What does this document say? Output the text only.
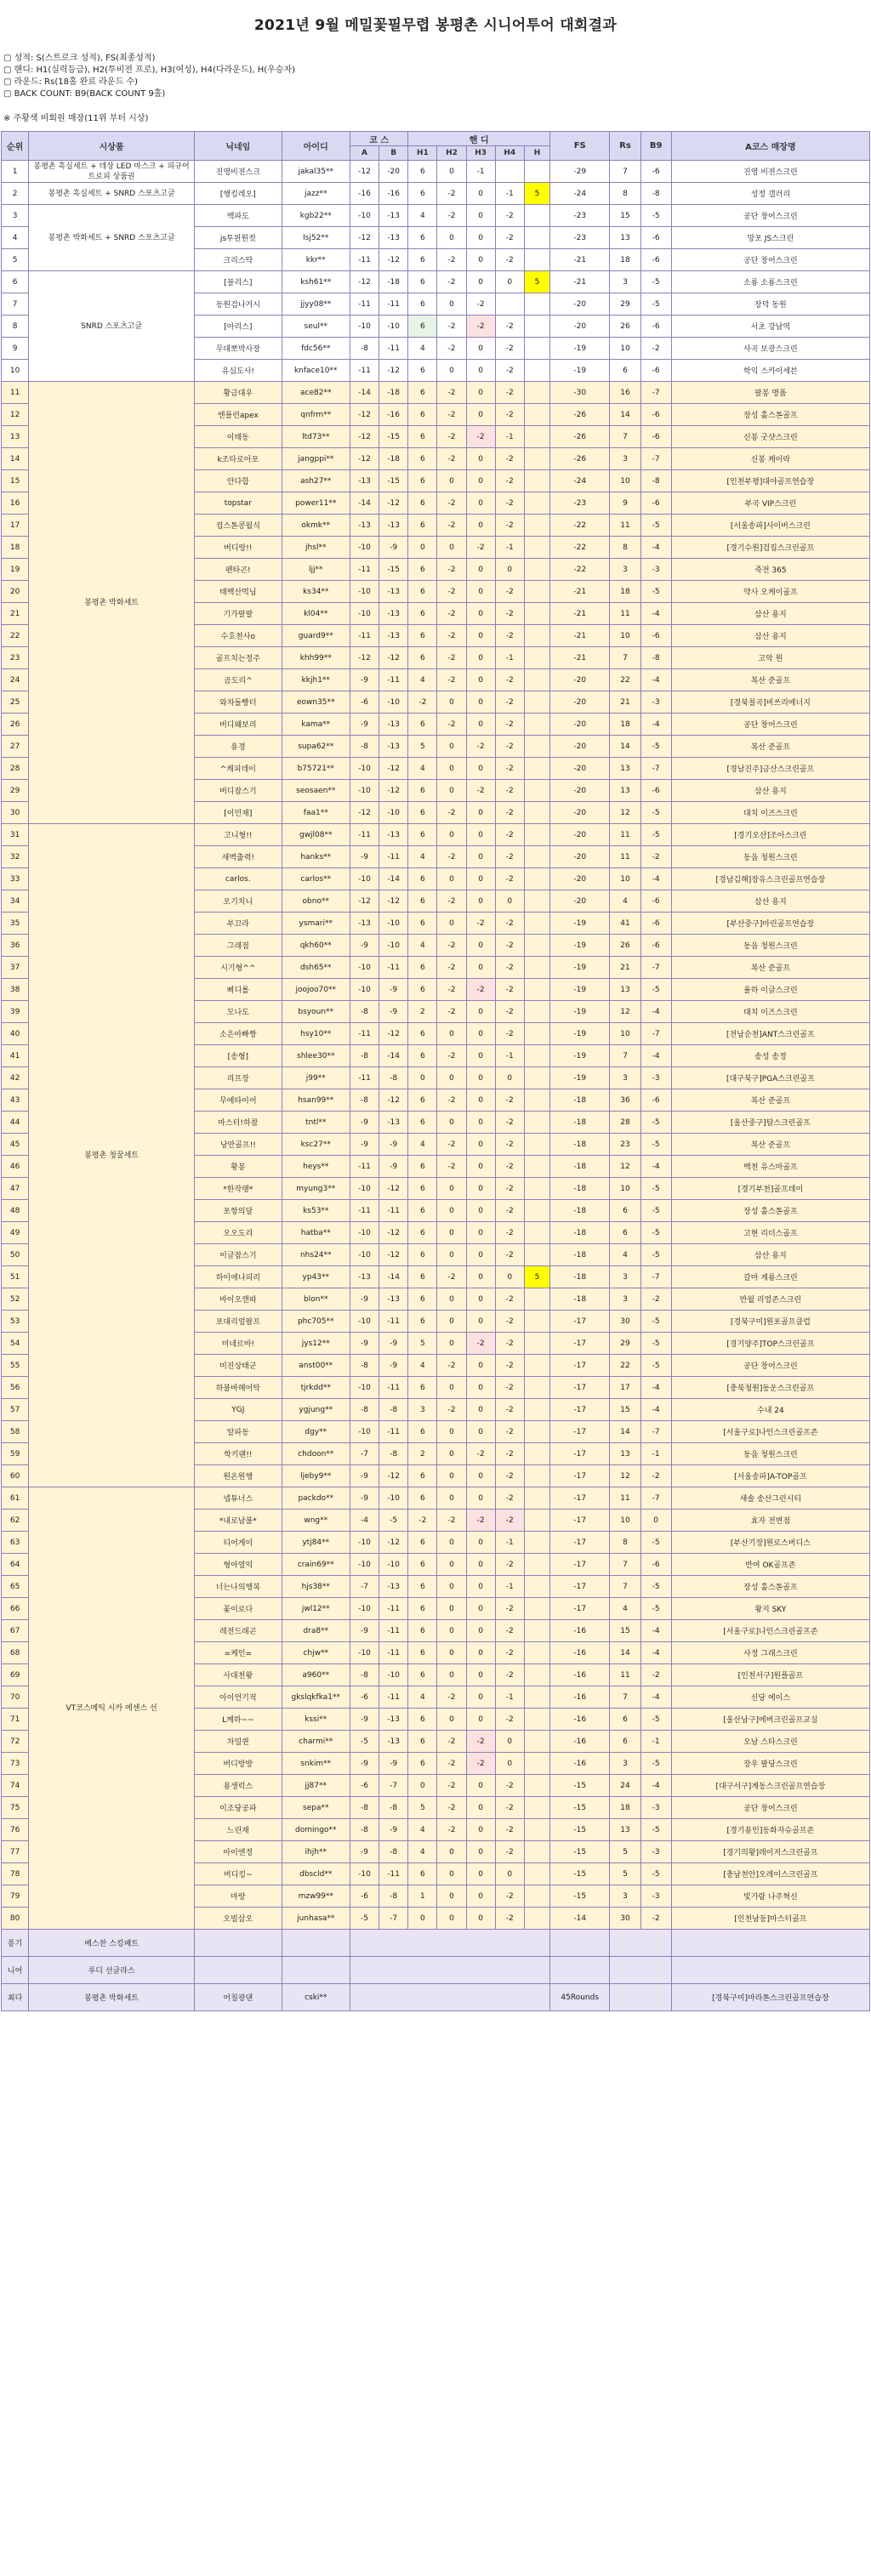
2021년 9월 메밀꽃필무렵 봉평촌 시니어투어 대회결과
▢ 성적: S(스트로크 성적), FS(최종성적)
▢ 핸디: H1(실력등급), H2(투비전 프로), H3(여성), H4(다라운드), H(우승자)
▢ 라운드: Rs(18홀 완료 라운드 수)
▢ BACK COUNT: B9(BACK COUNT 9홀)
※ 주황색 비회원 매장(11위 부터 시상)
순위	시상품	닉네임	아이디	코 스		핸 디					FS	Rs	B9	A코스 매장명
				A	B	H1	H2	H3	H4	H				
1	봉평촌 흑실세트 + 데상 LED 마스크 + 피규어 트로피 상품권	진영비젼스크	jakal35**	-12	-20	6	0	-1			-29	7	-6	진영 비젼스크린
2	봉평촌 흑실세트 + SNRD 스포츠고글	[행킹레오]	jazz**	-16	-16	6	-2	0	-1	5	-24	8	-8	성정 갤러리
3	봉평촌 박화세트 + SNRD 스포츠고글	백파도	kgb22**	-10	-13	4	-2	0	-2		-23	15	-5	공단 창어스크린
4		js투윈원컷	lsj52**	-12	-13	6	0	0	-2		-23	13	-6	망포 JS스크린
5		크리스탁	kkr**	-11	-12	6	-2	0	-2		-21	18	-6	공단 창어스크린
6	SNRD 스포츠고글	[블리스]	ksh61**	-12	-18	6	-2	0	0	5	-21	3	-5	소룡 소룡스크린
7		동원검나거시	jjyy08**	-11	-11	6	0	-2			-20	29	-5	장덕 동원
8		[아리스]	seul**	-10	-10	6	-2	-2	-2		-20	26	-6	서초 강남역
9		무대뽀박사장	fdc56**	-8	-11	4	-2	0	-2		-19	10	-2	사곡 보광스크린
10		유심도사!	knface10**	-11	-12	6	0	0	-2		-19	6	-6	학익 스카이세븐
11	봉평촌 박화세트	황금대우	ace82**	-14	-18	6	-2	0	-2		-30	16	-7	팔봉 명품
12		엔플런apex	qnfrm**	-12	-16	6	-2	0	-2		-26	14	-6	장성 홀스톤골프
13		이태동	ltd73**	-12	-15	6	-2	-2	-1		-26	7	-6	신봉 굿샷스크린
14		k조타로아포	jangppi**	-12	-18	6	-2	0	-2		-26	3	-7	신봉 케이락
15		안다합	ash27**	-13	-15	6	0	0	-2		-24	10	-8	[인천부평]대야골프연습장
16		topstar	power11**	-14	-12	6	-2	0	-2		-23	9	-6	부곡 VIP스크린
17		컵스톤콩월식	okmk**	-13	-13	6	-2	0	-2		-22	11	-5	[서울송파]사이버스크린
18		버디랑!!	jhsl**	-10	-9	0	0	-2	-1		-22	8	-4	[경기수원]검집스크린골프
19		펜타곤!	ljj**	-11	-15	6	-2	0	0		-22	3	-3	죽전 365
20		태백산먹님	ks34**	-10	-13	6	-2	0	-2		-21	18	-5	약사 오케이골프
21		기가팔팔	kl04**	-10	-13	6	-2	0	-2		-21	11	-4	삼산 용지
22		수호천사o	guard9**	-11	-13	6	-2	0	-2		-21	10	-6	삼산 용지
23		골프치는정주	khh99**	-12	-12	6	-2	0	-1		-21	7	-8	고악 원
24		곰도리^	kkjh1**	-9	-11	4	-2	0	-2		-20	22	-4	복산 준골프
25		와차돌빵터	eown35**	-6	-10	-2	0	0	-2		-20	21	-3	[경북칠곡]비쓰리에너지
26		버디왜보리	kama**	-9	-13	6	-2	0	-2		-20	18	-4	공단 창어스크린
27		용경	supa62**	-8	-13	5	0	-2	-2		-20	14	-5	복산 준골프
28		^캐피데이	b75721**	-10	-12	4	0	0	-2		-20	13	-7	[경남진주]금산스크린골프
29		버디잡스기	seosaen**	-10	-12	6	0	-2	-2		-20	13	-6	삼산 용지
30		[이민재]	faa1**	-12	-10	6	-2	0	-2		-20	12	-5	대치 이즈스크린
31	봉평촌 청꿀세트	고니형!!	gwjl08**	-11	-13	6	0	0	-2		-20	11	-5	[경기오산]조아스크린
32		새벽출력!	hanks**	-9	-11	4	-2	0	-2		-20	11	-2	동읍 청원스크린
33		carlos.	carlos**	-10	-14	6	0	0	-2		-20	10	-4	[경남김해]장유스크린골프연습장
34		오기치니	obno**	-12	-12	6	-2	0	0		-20	4	-6	삼산 용지
35		부끄라	ysmari**	-13	-10	6	0	-2	-2		-19	41	-6	[부산중구]마린골프연습장
36		그래점	qkh60**	-9	-10	4	-2	0	-2		-19	26	-6	동읍 청원스크린
37		시기형^^	dsh65**	-10	-11	6	-2	0	-2		-19	21	-7	복산 준골프
38		삐디롤	joojoo70**	-10	-9	6	-2	-2	-2		-19	13	-5	율하 이글스크린
39		모나도	bsyoun**	-8	-9	2	-2	0	-2		-19	12	-4	대치 이즈스크린
40		소은아빠짱	hsy10**	-11	-12	6	0	0	-2		-19	10	-7	[전남순천]ANT스크린골프
41		[송형]	shlee30**	-8	-14	6	-2	0	-1		-19	7	-4	송성 송정
42		리프장	j99**	-11	-8	0	0	0	0		-19	3	-3	[대구북구]PGA스크린골프
43		무에타이어	hsan99**	-8	-12	6	-2	0	-2		-18	36	-6	복산 준골프
44		마스터!하참	tntl**	-9	-13	6	0	0	-2		-18	28	-5	[울산중구]탑스크린골프
45		낭만골프!!	ksc27**	-9	-9	4	-2	0	-2		-18	23	-5	복산 준골프
46		황봉	heys**	-11	-9	6	-2	0	-2		-18	12	-4	백천 유스마골프
47		*한작랭*	myung3**	-10	-12	6	0	0	-2		-18	10	-5	[경기부천]골프데이
48		포항의달	ks53**	-11	-11	6	0	0	-2		-18	6	-5	장성 홀스톤골프
49		오오도리	hatba**	-10	-12	6	0	0	-2		-18	6	-5	고현 리더스골프
50		이글잡스기	nhs24**	-10	-12	6	0	0	-2		-18	4	-5	삼산 용지
51		하이에나피리	yp43**	-13	-14	6	-2	0	0	5	-18	3	-7	갈마 계룡스크린
52		바이오캔따	blon**	-9	-13	6	0	0	-2		-18	3	-2	반월 리얼존스크린
53		포대리얼팝프	phc705**	-10	-11	6	0	0	-2		-17	30	-5	[경북구미]원포골프클럽
54		미네르바!	jys12**	-9	-9	5	0	-2	-2		-17	29	-5	[경기양주]TOP스크린골프
55		미진상태군	anst00**	-8	-9	4	-2	0	-2		-17	22	-5	공단 창어스크린
56		하불바해어탁	tjrkdd**	-10	-11	6	0	0	-2		-17	17	-4	[충북청원]동운스크린골프
57		YGJ	ygjung**	-8	-8	3	-2	0	-2		-17	15	-4	수내 24
58		알파동	dgy**	-10	-11	6	0	0	-2		-17	14	-7	[서울구로]나인스크린골프존
59		학키랜!!	chdoon**	-7	-8	2	0	-2	-2		-17	13	-1	동읍 청원스크린
60		원온원행	ljeby9**	-9	-12	6	0	0	-2		-17	12	-2	[서울송파]A-TOP골프
61	VT코스메틱 시카 에센스 선	넵튜너스	packdo**	-9	-10	6	0	0	-2		-17	11	-7	새솔 송산그린시티
62		*내로남불*	wng**	-4	-5	-2	-2	-2	-2		-17	10	0	효자 전변점
63		티어게이	ytj84**	-10	-12	6	0	0	-1		-17	8	-5	[부산기장]원로스버디스
64		형아열익	crain69**	-10	-10	6	0	0	-2		-17	7	-6	반여 OK골프존
65		너는나의행복	hjs38**	-7	-13	6	0	0	-1		-17	7	-5	장성 홀스톤골프
66		꽃이로다	jwl12**	-10	-11	6	0	0	-2		-17	4	-5	왕지 SKY
67		레전드래곤	dra8**	-9	-11	6	0	0	-2		-16	15	-4	[서울구로]나인스크린골프존
68		=케인=	chjw**	-10	-11	6	0	0	-2		-16	14	-4	사정 그래스크린
69		사대천왕	a960**	-8	-10	6	0	0	-2		-16	11	-2	[인천서구]원플골프
70		아이언기적	gkslqkfka1**	-6	-11	4	-2	0	-1		-16	7	-4	신당 에이스
71		L께하~~	kssi**	-9	-13	6	0	0	-2		-16	6	-5	[울산남구]에버크린골프교실
72		차밀퀸	charmi**	-5	-13	6	-2	-2	0		-16	6	-1	오남 스타스크린
73		버디방방	snkim**	-9	-9	6	-2	-2	0		-16	3	-5	장우 팔당스크린
74		용생럭스	jj87**	-6	-7	0	-2	0	-2		-15	24	-4	[대구서구]계동스크린골프연습장
75		이조당공파	sepa**	-8	-8	5	-2	0	-2		-15	18	-3	공단 창어스크린
76		느린재	domingo**	-8	-9	4	-2	0	-2		-15	13	-5	[경기용인]동화자슈골프존
77		아이엔정	ihjh**	-9	-8	4	0	0	-2		-15	5	-3	[경기의왕]레이저스크린골프
78		버디킹~	dbscld**	-10	-11	6	0	0	0		-15	5	-5	[충남천안]오레이스크린골프
79		마랑	mzw99**	-6	-8	1	0	0	-2		-15	3	-3	빛가람 나주혁신
80		오빌삼오	junhasa**	-5	-7	0	0	0	-2		-14	30	-2	[인천남동]마스터골프
롱기	베스찬 스킹패트													
니어	루디 선글라스													
최다	봉평촌 박화세트	어칠광댄	cski**								45Rounds			[경북구미]마라톤스크린골프연습장
